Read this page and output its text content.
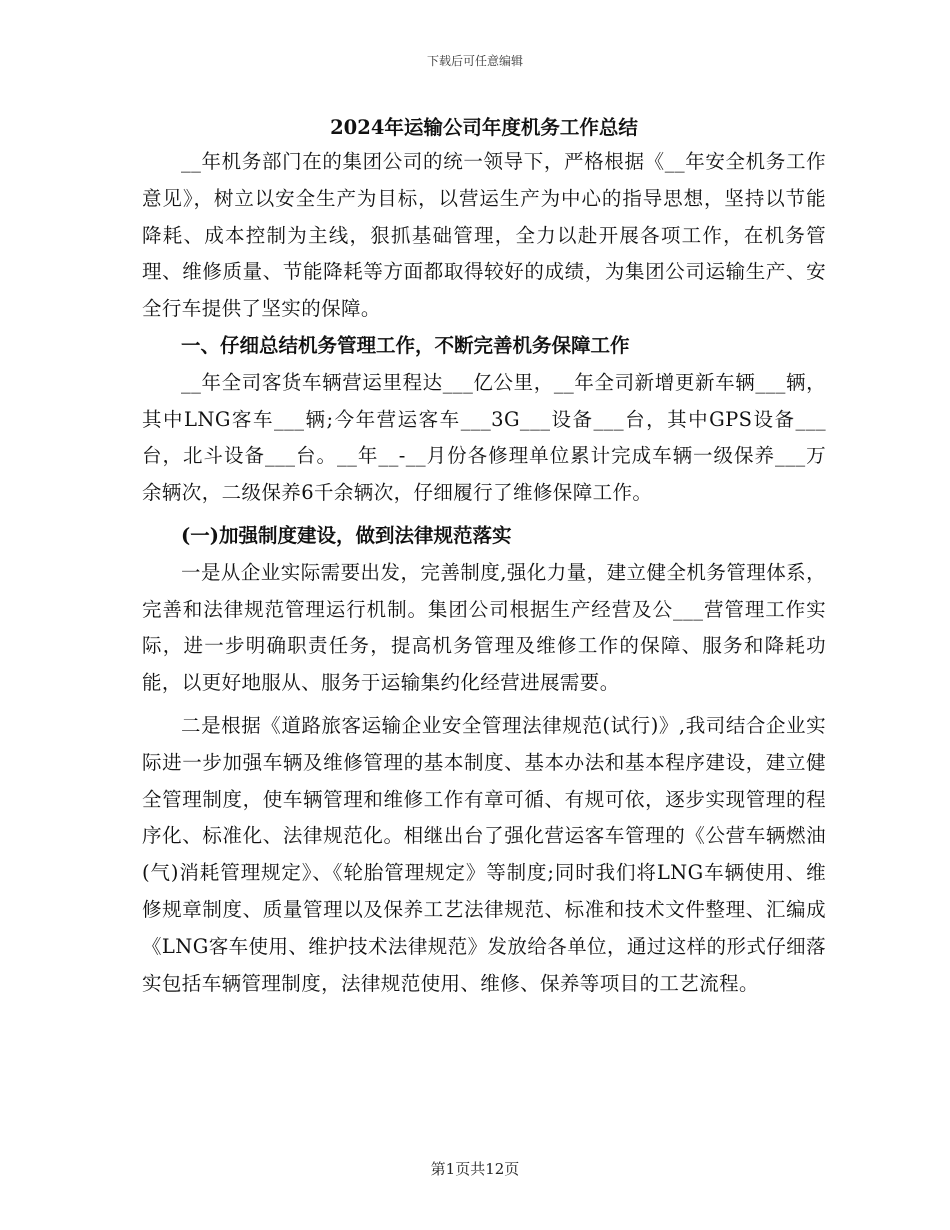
下载后可任意编辑
2024年运输公司年度机务工作总结

__年机务部门在的集团公司的统一领导下，严格根据《__年安全机务工作意见》，树立以安全生产为目标，以营运生产为中心的指导思想，坚持以节能降耗、成本控制为主线，狠抓基础管理，全力以赴开展各项工作，在机务管理、维修质量、节能降耗等方面都取得较好的成绩，为集团公司运输生产、安全行车提供了坚实的保障。

一、仔细总结机务管理工作，不断完善机务保障工作

__年全司客货车辆营运里程达___亿公里，__年全司新增更新车辆___辆，其中LNG客车___辆;今年营运客车___3G___设备___台，其中GPS设备___台，北斗设备___台。__年__-__月份各修理单位累计完成车辆一级保养___万余辆次，二级保养6千余辆次，仔细履行了维修保障工作。

(一)加强制度建设，做到法律规范落实

一是从企业实际需要出发，完善制度,强化力量，建立健全机务管理体系，完善和法律规范管理运行机制。集团公司根据生产经营及公___营管理工作实际，进一步明确职责任务，提高机务管理及维修工作的保障、服务和降耗功能，以更好地服从、服务于运输集约化经营进展需要。

二是根据《道路旅客运输企业安全管理法律规范(试行)》,我司结合企业实际进一步加强车辆及维修管理的基本制度、基本办法和基本程序建设，建立健全管理制度，使车辆管理和维修工作有章可循、有规可依，逐步实现管理的程序化、标准化、法律规范化。相继出台了强化营运客车管理的《公营车辆燃油(气)消耗管理规定》、《轮胎管理规定》等制度;同时我们将LNG车辆使用、维修规章制度、质量管理以及保养工艺法律规范、标准和技术文件整理、汇编成《LNG客车使用、维护技术法律规范》发放给各单位，通过这样的形式仔细落实包括车辆管理制度，法律规范使用、维修、保养等项目的工艺流程。

第1页共12页
